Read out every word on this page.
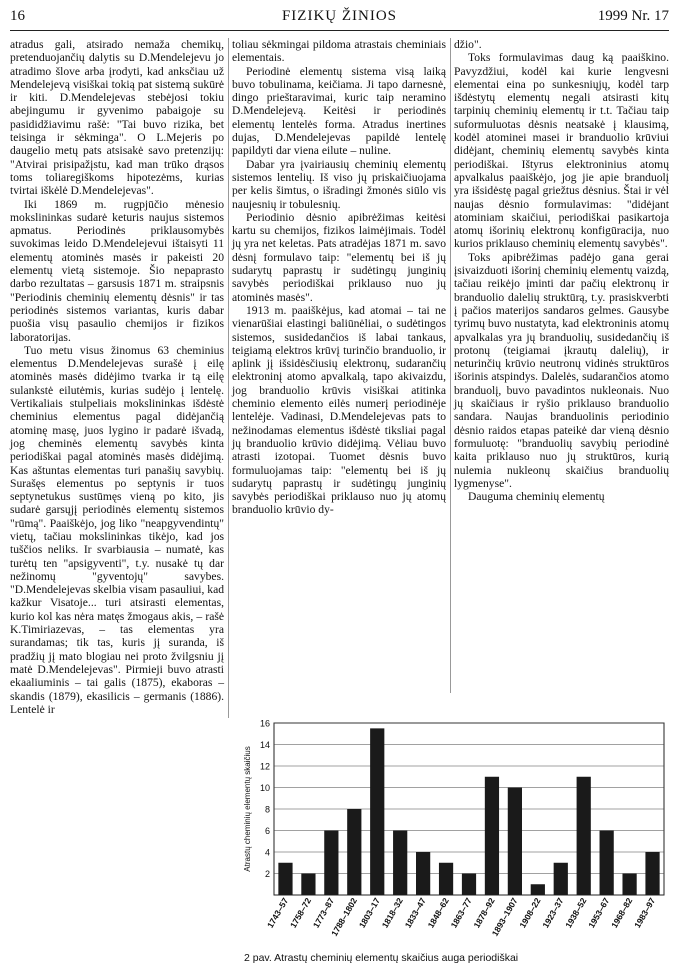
16	FIZIKŲ ŽINIOS	1999 Nr. 17

atradus gali, atsirado nemaža chemikų, pretenduojančių dalytis su D.Mendelejevu jo atradimo šlove arba įrodyti, kad anksčiau už Mendelejevą visiškai tokią pat sistemą sukūrė ir kiti. D.Mendelejevas stebėjosi tokiu abejingumu ir gyvenimo pabaigoje su pasididžiavimu rašė: "Tai buvo rizika, bet teisinga ir sėkminga". O L.Mejeris po daugelio metų pats atsisakė savo pretenzijų: "Atvirai prisipažįstu, kad man trūko drąsos toms toliaregiškoms hipotezėms, kurias tvirtai iškėlė D.Mendelejevas".

Iki 1869 m. rugpjūčio mėnesio mokslininkas sudarė keturis naujus sistemos apmatus. Periodinės priklausomybės suvokimas leido D.Mendelejevui ištaisyti 11 elementų atominės masės ir pakeisti 20 elementų vietą sistemoje. Šio nepaprasto darbo rezultatas – garsusis 1871 m. straipsnis "Periodinis cheminių elementų dėsnis" ir tas periodinės sistemos variantas, kuris dabar puošia visų pasaulio chemijos ir fizikos laboratorijas.

Tuo metu visus žinomus 63 cheminius elementus D.Mendelejevas surašė į eilę atominės masės didėjimo tvarka ir tą eilę sulankstė eilutėmis, kurias sudėjo į lentelę. Vertikaliais stulpeliais mokslininkas išdėstė cheminius elementus pagal didėjančią atominę masę, juos lygino ir padarė išvadą, jog cheminės elementų savybės kinta periodiškai pagal atominės masės didėjimą. Kas aštuntas elementas turi panašių savybių. Surašęs elementus po septynis ir tuos septynetukus sustūmęs vieną po kito, jis sudarė garsųjį periodinės elementų sistemos "rūmą". Paaiškėjo, jog liko "neapgyvendintų" vietų, tačiau mokslininkas tikėjo, kad jos tuščios neliks. Ir svarbiausia – numatė, kas turėtų ten "apsigyventi", t.y. nusakė tų dar nežinomų "gyventojų" savybes. "D.Mendelejevas skelbia visam pasauliui, kad kažkur Visatoje... turi atsirasti elementas, kurio kol kas nėra matęs žmogaus akis, – rašė K.Timiriazevas, – tas elementas yra surandamas; tik tas, kuris jį suranda, iš pradžių jį mato blogiau nei proto žvilgsniu jį matė D.Mendelejevas". Pirmieji buvo atrasti ekaaliuminis – tai galis (1875), ekaboras – skandis (1879), ekasilicis – germanis (1886). Lentelė ir

toliau sėkmingai pildoma atrastais cheminiais elementais.

Periodinė elementų sistema visą laiką buvo tobulinama, keičiama. Ji tapo darnesnė, dingo prieštaravimai, kuric taip neramino D.Mendelejevą. Keitėsi ir periodinės elementų lentelės forma. Atradus inertines dujas, D.Mendelejevas papildė lentelę papildyti dar viena eilute – nuline.

Dabar yra įvairiausių cheminių elementų sistemos lentelių. Iš viso jų priskaičiuojama per kelis šimtus, o išradingi žmonės siūlo vis naujesnių ir tobulesnių.

Periodinio dėsnio apibrėžimas keitėsi kartu su chemijos, fizikos laimėjimais. Todėl jų yra net keletas. Pats atradėjas 1871 m. savo dėsnį formulavo taip: "elementų bei iš jų sudarytų paprastų ir sudėtingų junginių savybės periodiškai priklauso nuo jų atominės masės".

1913 m. paaiškėjus, kad atomai – tai ne vienarūšiai elastingi baliūnėliai, o sudėtingos sistemos, susidedančios iš labai tankaus, teigiamą elektros krūvį turinčio branduolio, ir aplink jį išsidėsčiusių elektronų, sudarančių elektroninį atomo apvalkalą, tapo akivaizdu, jog branduolio krūvis visiškai atitinka cheminio elemento eilės numerį periodinėje lentelėje. Vadinasi, D.Mendelejevas pats to nežinodamas elementus išdėstė tiksliai pagal jų branduolio krūvio didėjimą. Vėliau buvo atrasti izotopai. Tuomet dėsnis buvo formuluojamas taip: "elementų bei iš jų sudarytų paprastų ir sudėtingų junginių savybės periodiškai priklauso nuo jų atomų branduolio krūvio dy-

džio".

Toks formulavimas daug ką paaiškino. Pavyzdžiui, kodėl kai kurie lengvesni elementai eina po sunkesniųjų, kodėl tarp išdėstytų elementų negali atsirasti kitų tarpinių cheminių elementų ir t.t. Tačiau taip suformuluotas dėsnis neatsakė į klausimą, kodėl atominei masei ir branduolio krūviui didėjant, cheminių elementų savybės kinta periodiškai. Ištyrus elektroninius atomų apvalkalus paaiškėjo, jog jie apie branduolį yra išsidėstę pagal griežtus dėsnius. Štai ir vėl naujas dėsnio formulavimas: "didėjant atominiam skaičiui, periodiškai pasikartoja atomų išorinių elektronų konfigūracija, nuo kurios priklauso cheminių elementų savybės".

Toks apibrėžimas padėjo gana gerai įsivaizduoti išorinį cheminių elementų vaizdą, tačiau reikėjo įminti dar pačių elektronų ir branduolio dalelių struktūrą, t.y. prasiskverbti į pačios materijos sandaros gelmes. Gausybe tyrimų buvo nustatyta, kad elektroninis atomų apvalkalas yra jų branduolių, susidedančių iš protonų (teigiamai įkrautų dalelių), ir neturinčių krūvio neutronų vidinės struktūros išorinis atspindys. Dalelės, sudarančios atomo branduolį, buvo pavadintos nukleonais. Nuo jų skaičiaus ir ryšio priklauso branduolio sandara. Naujas branduolinis periodinio dėsnio raidos etapas pateikė dar vieną dėsnio formuluotę: "branduolių savybių periodinė kaita priklauso nuo jų struktūros, kurią nulemia nukleonų skaičius branduolių lygmenyse".

Dauguma cheminių elementų

2
4
6
8
10
12
14
16
Atrastų cheminių elementų skaičius
1743–57
1758–72
1773–87
1788–1802
1803–17
1818–32
1833–47
1848–62
1863–77
1878–92
1893–1907
1908–22
1923–37
1938–52
1953–67
1968–82
1983–97
2 pav. Atrastų cheminių elementų skaičius auga periodiškai
